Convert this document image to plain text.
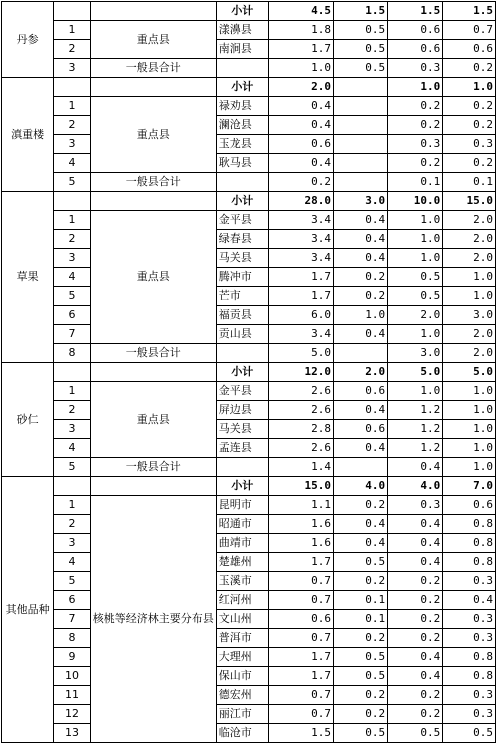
丹参			小计	4.5	1.5	1.5	1.5
	1	重点县	漾濞县	1.8	0.5	0.6	0.7
	2		南涧县	1.7	0.5	0.6	0.6
	3	一般县合计		1.0	0.5	0.3	0.2
滇重楼			小计	2.0		1.0	1.0
	1	重点县	禄劝县	0.4		0.2	0.2
	2		澜沧县	0.4		0.2	0.2
	3		玉龙县	0.6		0.3	0.3
	4		耿马县	0.4		0.2	0.2
	5	一般县合计		0.2		0.1	0.1
草果			小计	28.0	3.0	10.0	15.0
	1	重点县	金平县	3.4	0.4	1.0	2.0
	2		绿春县	3.4	0.4	1.0	2.0
	3		马关县	3.4	0.4	1.0	2.0
	4		腾冲市	1.7	0.2	0.5	1.0
	5		芒市	1.7	0.2	0.5	1.0
	6		福贡县	6.0	1.0	2.0	3.0
	7		贡山县	3.4	0.4	1.0	2.0
	8	一般县合计		5.0		3.0	2.0
砂仁			小计	12.0	2.0	5.0	5.0
	1	重点县	金平县	2.6	0.6	1.0	1.0
	2		屏边县	2.6	0.4	1.2	1.0
	3		马关县	2.8	0.6	1.2	1.0
	4		孟连县	2.6	0.4	1.2	1.0
	5	一般县合计		1.4		0.4	1.0
其他品种			小计	15.0	4.0	4.0	7.0
	1	核桃等经济林主要分布县	昆明市	1.1	0.2	0.3	0.6
	2		昭通市	1.6	0.4	0.4	0.8
	3		曲靖市	1.6	0.4	0.4	0.8
	4		楚雄州	1.7	0.5	0.4	0.8
	5		玉溪市	0.7	0.2	0.2	0.3
	6		红河州	0.7	0.1	0.2	0.4
	7		文山州	0.6	0.1	0.2	0.3
	8		普洱市	0.7	0.2	0.2	0.3
	9		大理州	1.7	0.5	0.4	0.8
	10		保山市	1.7	0.5	0.4	0.8
	11		德宏州	0.7	0.2	0.2	0.3
	12		丽江市	0.7	0.2	0.2	0.3
	13		临沧市	1.5	0.5	0.5	0.5
